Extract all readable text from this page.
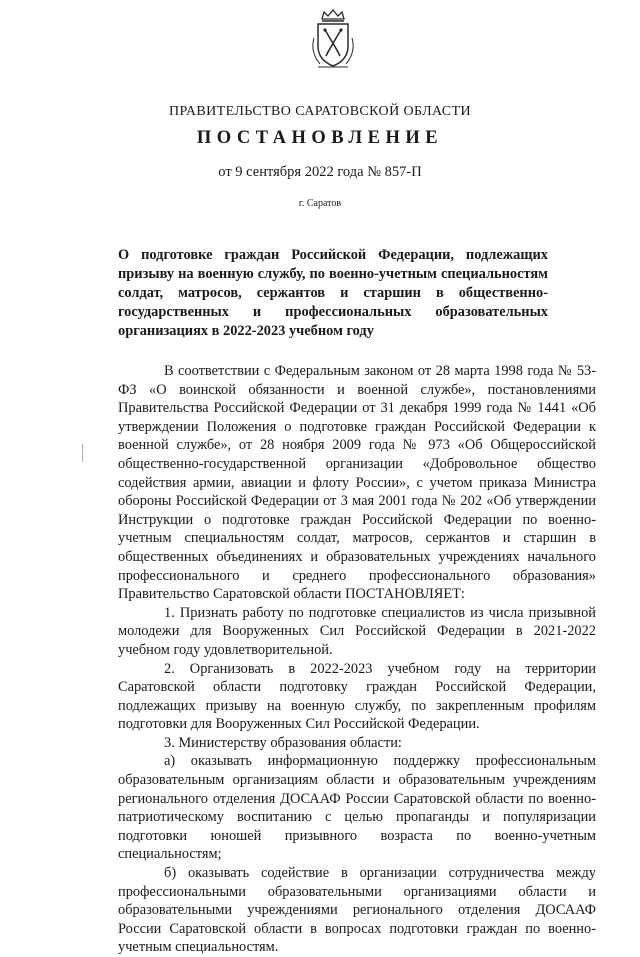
ПРАВИТЕЛЬСТВО САРАТОВСКОЙ ОБЛАСТИ
ПОСТАНОВЛЕНИЕ
от 9 сентября 2022 года № 857-П
г. Саратов
О подготовке граждан Российской Федерации, подлежащих призыву на военную службу, по военно-учетным специальностям солдат, матросов, сержантов и старшин в общественно-государственных и профессиональных образовательных организациях в 2022-2023 учебном году

В соответствии с Федеральным законом от 28 марта 1998 года № 53-ФЗ «О воинской обязанности и военной службе», постановлениями Правительства Российской Федерации от 31 декабря 1999 года № 1441 «Об утверждении Положения о подготовке граждан Российской Федерации к военной службе», от 28 ноября 2009 года № 973 «Об Общероссийской общественно-государственной организации «Добровольное общество содействия армии, авиации и флоту России», с учетом приказа Министра обороны Российской Федерации от 3 мая 2001 года № 202 «Об утверждении Инструкции о подготовке граждан Российской Федерации по военно-учетным специальностям солдат, матросов, сержантов и старшин в общественных объединениях и образовательных учреждениях начального профессионального и среднего профессионального образования» Правительство Саратовской области ПОСТАНОВЛЯЕТ:

1. Признать работу по подготовке специалистов из числа призывной молодежи для Вооруженных Сил Российской Федерации в 2021-2022 учебном году удовлетворительной.

2. Организовать в 2022-2023 учебном году на территории Саратовской области подготовку граждан Российской Федерации, подлежащих призыву на военную службу, по закрепленным профилям подготовки для Вооруженных Сил Российской Федерации.

3. Министерству образования области:

а) оказывать информационную поддержку профессиональным образовательным организациям области и образовательным учреждениям регионального отделения ДОСААФ России Саратовской области по военно-патриотическому воспитанию с целью пропаганды и популяризации подготовки юношей призывного возраста по военно-учетным специальностям;

б) оказывать содействие в организации сотрудничества между профессиональными образовательными организациями области и образовательными учреждениями регионального отделения ДОСААФ России Саратовской области в вопросах подготовки граждан по военно-учетным специальностям.
